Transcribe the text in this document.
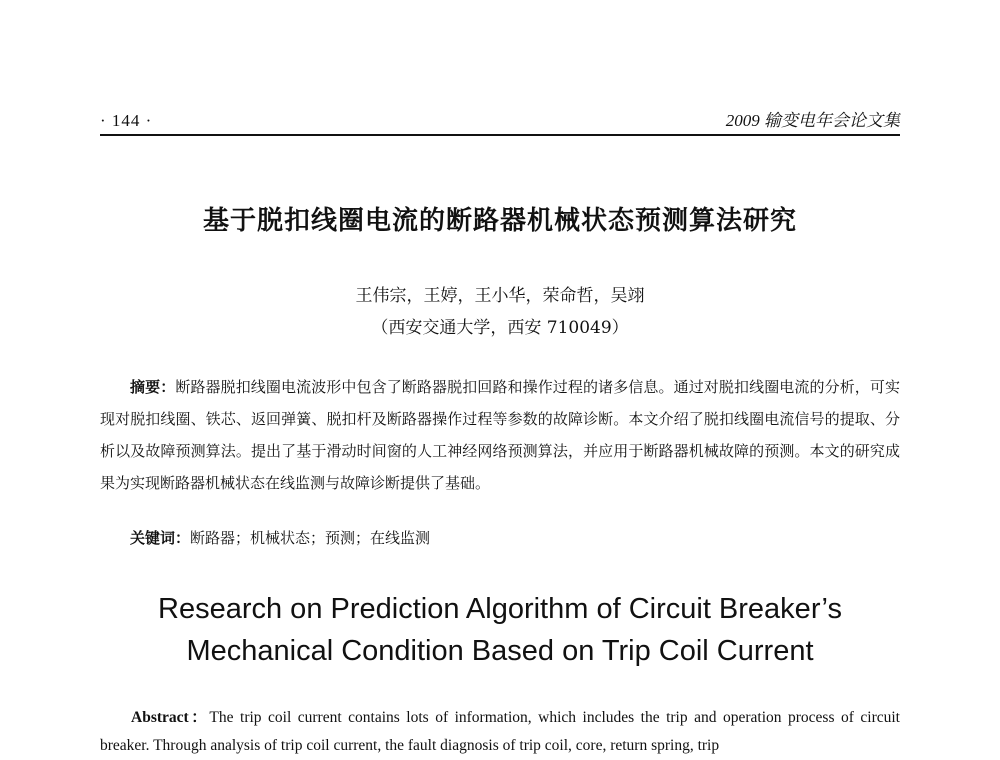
· 144 ·	2009 输变电年会论文集
基于脱扣线圈电流的断路器机械状态预测算法研究
王伟宗，王婷，王小华，荣命哲，吴翊
（西安交通大学，西安 710049）
摘要：断路器脱扣线圈电流波形中包含了断路器脱扣回路和操作过程的诸多信息。通过对脱扣线圈电流的分析，可实现对脱扣线圈、铁芯、返回弹簧、脱扣杆及断路器操作过程等参数的故障诊断。本文介绍了脱扣线圈电流信号的提取、分析以及故障预测算法。提出了基于滑动时间窗的人工神经网络预测算法，并应用于断路器机械故障的预测。本文的研究成果为实现断路器机械状态在线监测与故障诊断提供了基础。
关键词：断路器；机械状态；预测；在线监测
Research on Prediction Algorithm of Circuit Breaker’s
Mechanical Condition Based on Trip Coil Current
Abstract：The trip coil current contains lots of information, which includes the trip and operation process of circuit breaker. Through analysis of trip coil current, the fault diagnosis of trip coil, core, return spring, trip
